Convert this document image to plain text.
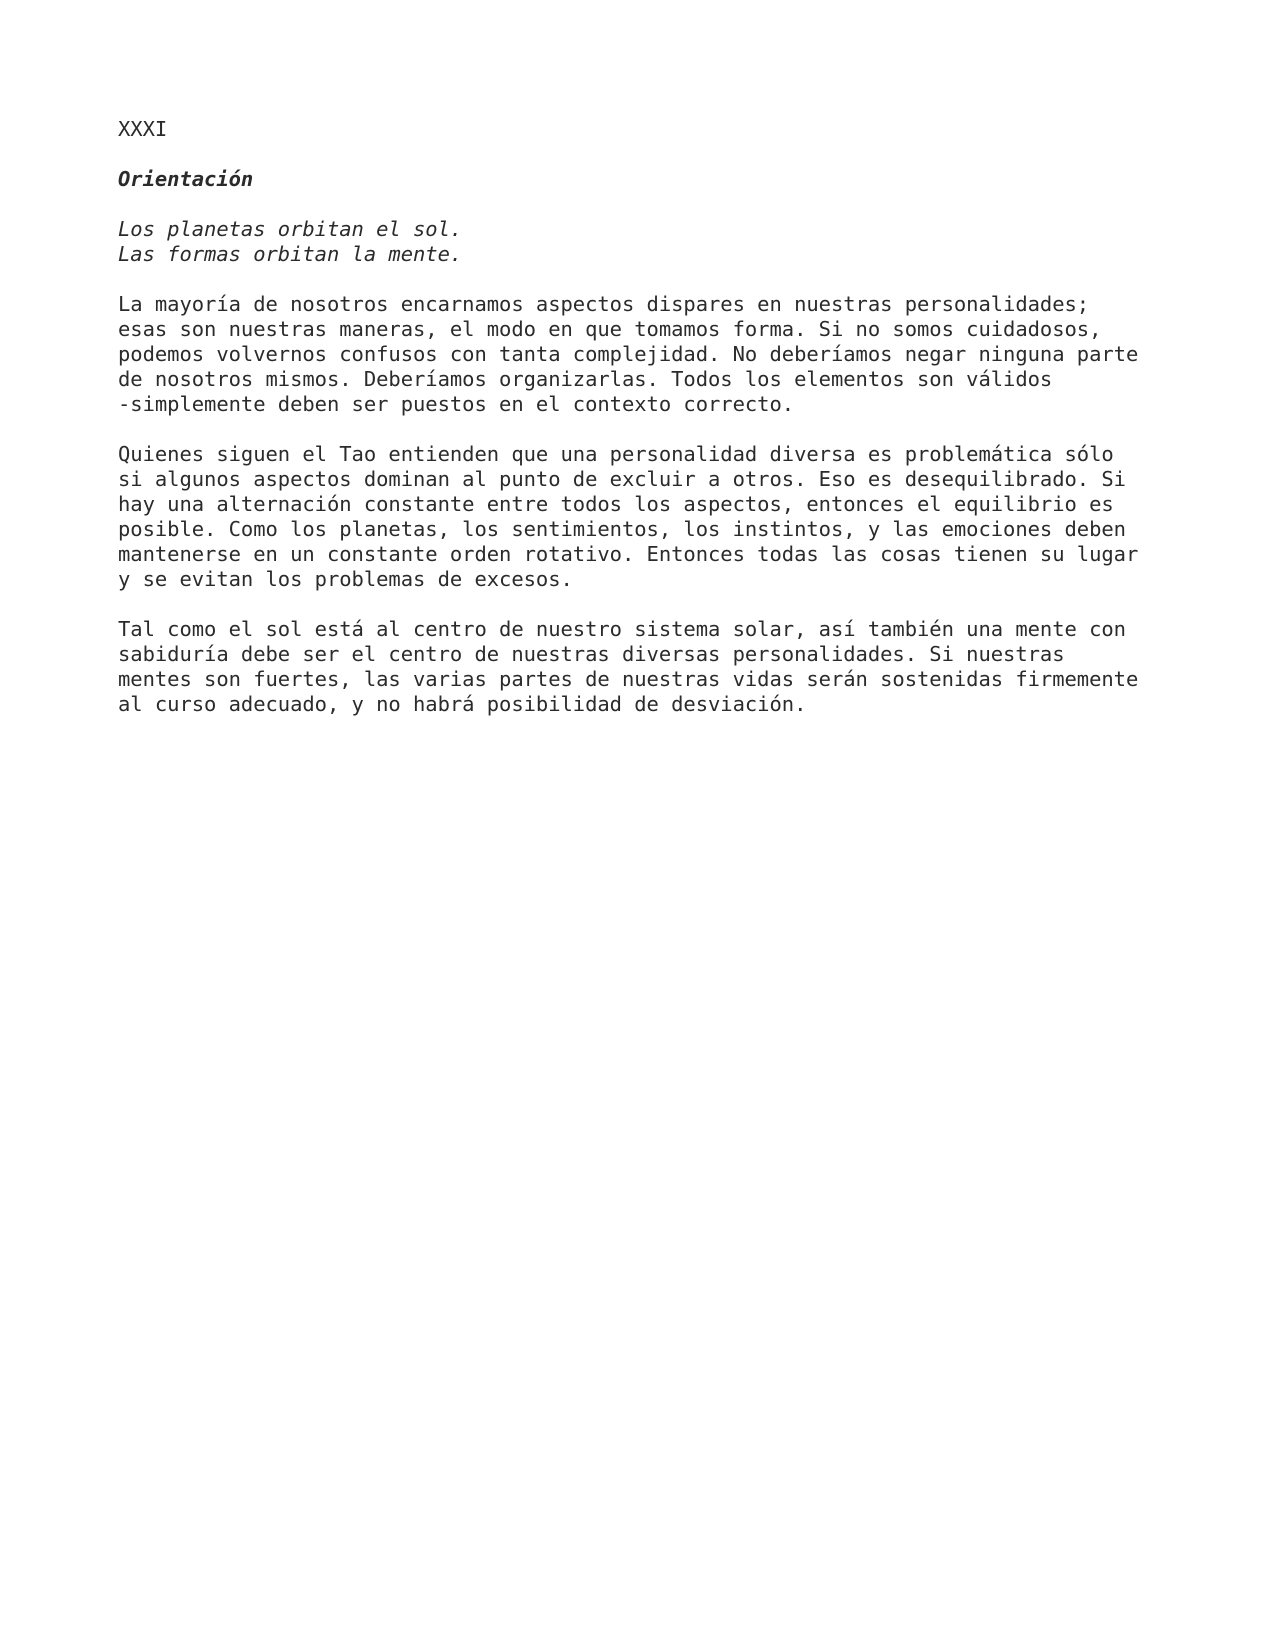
XXXI
Orientación
Los planetas orbitan el sol.
Las formas orbitan la mente.
La mayoría de nosotros encarnamos aspectos dispares en nuestras personalidades;
esas son nuestras maneras, el modo en que tomamos forma. Si no somos cuidadosos,
podemos volvernos confusos con tanta complejidad. No deberíamos negar ninguna parte
de nosotros mismos. Deberíamos organizarlas. Todos los elementos son válidos
-simplemente deben ser puestos en el contexto correcto.
Quienes siguen el Tao entienden que una personalidad diversa es problemática sólo
si algunos aspectos dominan al punto de excluir a otros. Eso es desequilibrado. Si
hay una alternación constante entre todos los aspectos, entonces el equilibrio es
posible. Como los planetas, los sentimientos, los instintos, y las emociones deben
mantenerse en un constante orden rotativo. Entonces todas las cosas tienen su lugar
y se evitan los problemas de excesos.
Tal como el sol está al centro de nuestro sistema solar, así también una mente con
sabiduría debe ser el centro de nuestras diversas personalidades. Si nuestras
mentes son fuertes, las varias partes de nuestras vidas serán sostenidas firmemente
al curso adecuado, y no habrá posibilidad de desviación.
